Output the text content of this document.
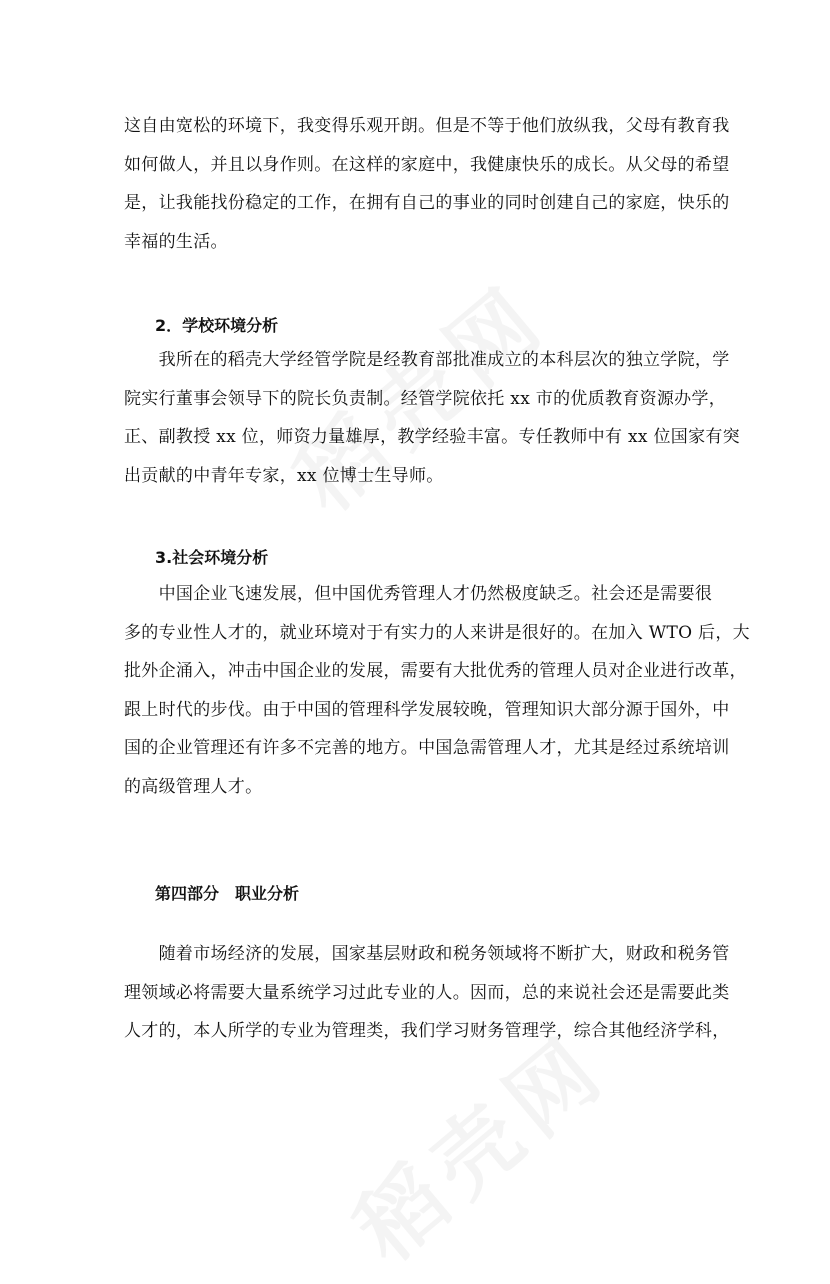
这自由宽松的环境下，我变得乐观开朗。但是不等于他们放纵我，父母有教育我
如何做人，并且以身作则。在这样的家庭中，我健康快乐的成长。从父母的希望
是，让我能找份稳定的工作，在拥有自己的事业的同时创建自己的家庭，快乐的
幸福的生活。

2．学校环境分析

　　我所在的稻壳大学经管学院是经教育部批准成立的本科层次的独立学院，学
院实行董事会领导下的院长负责制。经管学院依托 xx 市的优质教育资源办学，
正、副教授 xx 位，师资力量雄厚，教学经验丰富。专任教师中有 xx 位国家有突
出贡献的中青年专家，xx 位博士生导师。

3.社会环境分析

　　中国企业飞速发展，但中国优秀管理人才仍然极度缺乏。社会还是需要很
多的专业性人才的，就业环境对于有实力的人来讲是很好的。在加入 WTO 后，大
批外企涌入，冲击中国企业的发展，需要有大批优秀的管理人员对企业进行改革，
跟上时代的步伐。由于中国的管理科学发展较晚，管理知识大部分源于国外，中
国的企业管理还有许多不完善的地方。中国急需管理人才，尤其是经过系统培训
的高级管理人才。

第四部分　职业分析

　　随着市场经济的发展，国家基层财政和税务领域将不断扩大，财政和税务管
理领域必将需要大量系统学习过此专业的人。因而，总的来说社会还是需要此类
人才的，本人所学的专业为管理类，我们学习财务管理学，综合其他经济学科，
